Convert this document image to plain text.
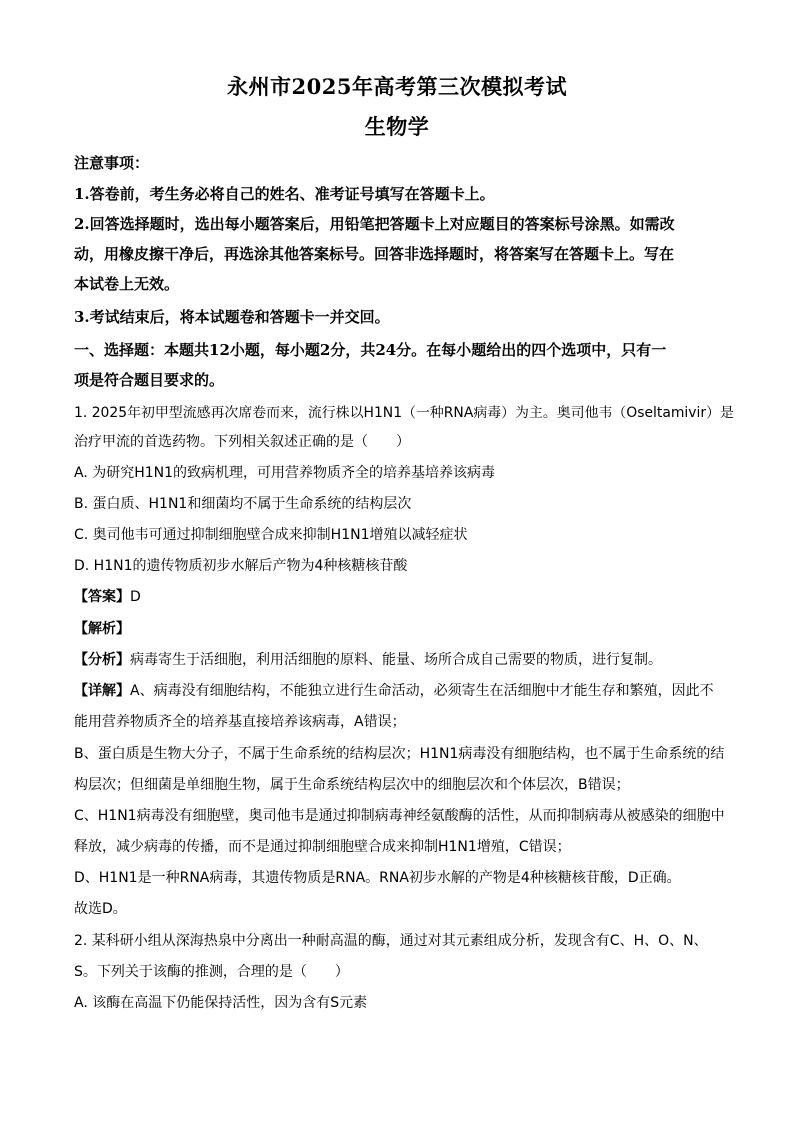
永州市2025年高考第三次模拟考试
生物学
注意事项：
1.答卷前，考生务必将自己的姓名、准考证号填写在答题卡上。
2.回答选择题时，选出每小题答案后，用铅笔把答题卡上对应题目的答案标号涂黑。如需改
动，用橡皮擦干净后，再选涂其他答案标号。回答非选择题时，将答案写在答题卡上。写在
本试卷上无效。
3.考试结束后，将本试题卷和答题卡一并交回。
一、选择题：本题共12小题，每小题2分，共24分。在每小题给出的四个选项中，只有一
项是符合题目要求的。
1. 2025年初甲型流感再次席卷而来，流行株以H1N1（一种RNA病毒）为主。奥司他韦（Oseltamivir）是
治疗甲流的首选药物。下列相关叙述正确的是（　　）
A. 为研究H1N1的致病机理，可用营养物质齐全的培养基培养该病毒
B. 蛋白质、H1N1和细菌均不属于生命系统的结构层次
C. 奥司他韦可通过抑制细胞壁合成来抑制H1N1增殖以减轻症状
D. H1N1的遗传物质初步水解后产物为4种核糖核苷酸
【答案】D
【解析】
【分析】病毒寄生于活细胞，利用活细胞的原料、能量、场所合成自己需要的物质，进行复制。
【详解】A、病毒没有细胞结构，不能独立进行生命活动，必须寄生在活细胞中才能生存和繁殖，因此不
能用营养物质齐全的培养基直接培养该病毒，A错误；
B、蛋白质是生物大分子，不属于生命系统的结构层次；H1N1病毒没有细胞结构，也不属于生命系统的结
构层次；但细菌是单细胞生物，属于生命系统结构层次中的细胞层次和个体层次，B错误；
C、H1N1病毒没有细胞壁，奥司他韦是通过抑制病毒神经氨酸酶的活性，从而抑制病毒从被感染的细胞中
释放，减少病毒的传播，而不是通过抑制细胞壁合成来抑制H1N1增殖，C错误；
D、H1N1是一种RNA病毒，其遗传物质是RNA。RNA初步水解的产物是4种核糖核苷酸，D正确。
故选D。
2. 某科研小组从深海热泉中分离出一种耐高温的酶，通过对其元素组成分析，发现含有C、H、O、N、
S。下列关于该酶的推测，合理的是（　　）
A. 该酶在高温下仍能保持活性，因为含有S元素
